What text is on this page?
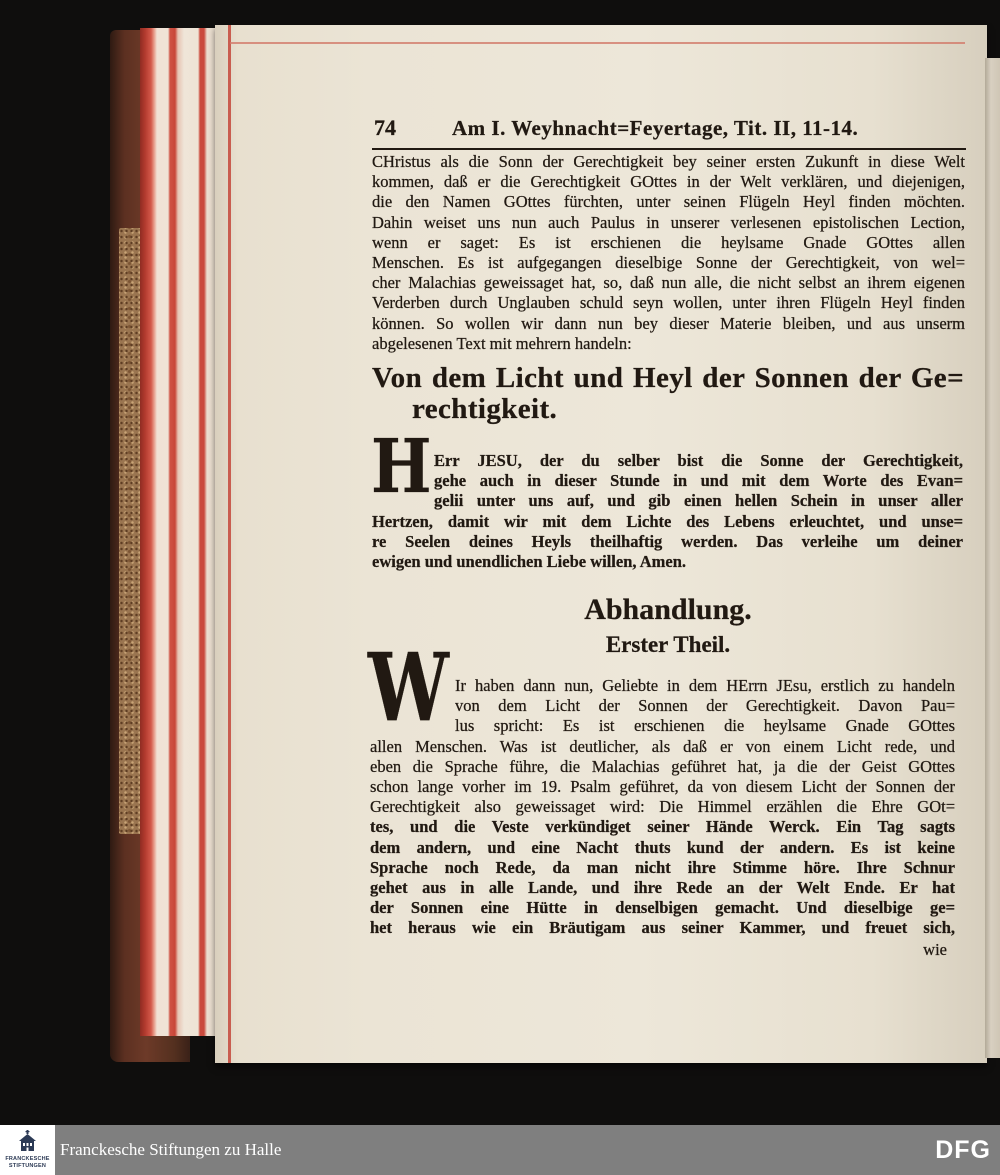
74	Am I. Weyhnacht=Feyertage, Tit. II, 11-14.
CHristus als die Sonn der Gerechtigkeit bey seiner ersten Zukunft in diese Welt
kommen, daß er die Gerechtigkeit GOttes in der Welt verklären, und diejenigen,
die den Namen GOttes fürchten, unter seinen Flügeln Heyl finden möchten.
Dahin weiset uns nun auch Paulus in unserer verlesenen epistolischen Lection,
wenn er saget: Es ist erschienen die heylsame Gnade GOttes allen
Menschen. Es ist aufgegangen dieselbige Sonne der Gerechtigkeit, von wel=
cher Malachias geweissaget hat, so, daß nun alle, die nicht selbst an ihrem eigenen
Verderben durch Unglauben schuld seyn wollen, unter ihren Flügeln Heyl finden
können. So wollen wir dann nun bey dieser Materie bleiben, und aus unserm
abgelesenen Text mit mehrern handeln:
Von dem Licht und Heyl der Sonnen der Ge=
rechtigkeit.
H Err JESU, der du selber bist die Sonne der Gerechtigkeit,
gehe auch in dieser Stunde in und mit dem Worte des Evan=
gelii unter uns auf, und gib einen hellen Schein in unser aller
Hertzen, damit wir mit dem Lichte des Lebens erleuchtet, und unse=
re Seelen deines Heyls theilhaftig werden. Das verleihe um deiner
ewigen und unendlichen Liebe willen, Amen.
Abhandlung.
Erster Theil.
W Ir haben dann nun, Geliebte in dem HErrn JEsu, erstlich zu handeln
von dem Licht der Sonnen der Gerechtigkeit. Davon Pau=
lus spricht: Es ist erschienen die heylsame Gnade GOttes
allen Menschen. Was ist deutlicher, als daß er von einem Licht rede, und
eben die Sprache führe, die Malachias geführet hat, ja die der Geist GOttes
schon lange vorher im 19. Psalm geführet, da von diesem Licht der Sonnen der
Gerechtigkeit also geweissaget wird: Die Himmel erzählen die Ehre GOt=
tes, und die Veste verkündiget seiner Hände Werck. Ein Tag sagts
dem andern, und eine Nacht thuts kund der andern. Es ist keine
Sprache noch Rede, da man nicht ihre Stimme höre. Ihre Schnur
gehet aus in alle Lande, und ihre Rede an der Welt Ende. Er hat
der Sonnen eine Hütte in denselbigen gemacht. Und dieselbige ge=
het heraus wie ein Bräutigam aus seiner Kammer, und freuet sich,
wie
FRANCKESCHE
STIFTUNGEN
Franckesche Stiftungen zu Halle	DFG
